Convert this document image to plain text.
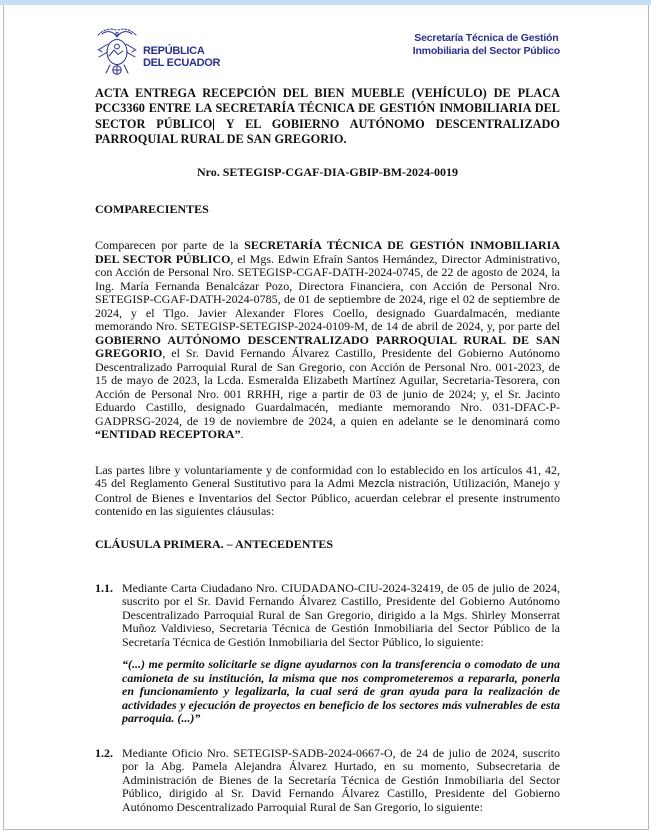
REPÚBLICA
DEL ECUADOR
Secretaría Técnica de Gestión
Inmobiliaria del Sector Público
ACTA ENTREGA RECEPCIÓN DEL BIEN MUEBLE (VEHÍCULO) DE PLACA
PCC3360 ENTRE LA SECRETARÍA TÉCNICA DE GESTIÓN INMOBILIARIA DEL
SECTOR PÚBLICO Y EL GOBIERNO AUTÓNOMO DESCENTRALIZADO
PARROQUIAL RURAL DE SAN GREGORIO.
Nro. SETEGISP-CGAF-DIA-GBIP-BM-2024-0019
COMPARECIENTES

Comparecen por parte de la SECRETARÍA TÉCNICA DE GESTIÓN INMOBILIARIA DEL SECTOR PÚBLICO, el Mgs. Edwin Efraín Santos Hernández, Director Administrativo, con Acción de Personal Nro. SETEGISP-CGAF-DATH-2024-0745, de 22 de agosto de 2024, la Ing. María Fernanda Benalcázar Pozo, Directora Financiera, con Acción de Personal Nro. SETEGISP-CGAF-DATH-2024-0785, de 01 de septiembre de 2024, rige el 02 de septiembre de 2024, y el Tlgo. Javier Alexander Flores Coello, designado Guardalmacén, mediante memorando Nro. SETEGISP-SETEGISP-2024-0109-M, de 14 de abril de 2024, y, por parte del GOBIERNO AUTÓNOMO DESCENTRALIZADO PARROQUIAL RURAL DE SAN GREGORIO, el Sr. David Fernando Álvarez Castillo, Presidente del Gobierno Autónomo Descentralizado Parroquial Rural de San Gregorio, con Acción de Personal Nro. 001-2023, de 15 de mayo de 2023, la Lcda. Esmeralda Elizabeth Martínez Aguilar, Secretaria-Tesorera, con Acción de Personal Nro. 001 RRHH, rige a partir de 03 de junio de 2024; y, el Sr. Jacinto Eduardo Castillo, designado Guardalmacén, mediante memorando Nro. 031-DFAC-P-GADPRSG-2024, de 19 de noviembre de 2024, a quien en adelante se le denominará como “ENTIDAD RECEPTORA”.

Las partes libre y voluntariamente y de conformidad con lo establecido en los artículos 41, 42, 45 del Reglamento General Sustitutivo para la Admi Mezcla nistración, Utilización, Manejo y Control de Bienes e Inventarios del Sector Público, acuerdan celebrar el presente instrumento contenido en las siguientes cláusulas:

CLÁUSULA PRIMERA. – ANTECEDENTES
1.1. Mediante Carta Ciudadano Nro. CIUDADANO-CIU-2024-32419, de 05 de julio de 2024, suscrito por el Sr. David Fernando Álvarez Castillo, Presidente del Gobierno Autónomo Descentralizado Parroquial Rural de San Gregorio, dirigido a la Mgs. Shirley Monserrat Muñoz Valdivieso, Secretaria Técnica de Gestión Inmobiliaria del Sector Público de la Secretaría Técnica de Gestión Inmobiliaria del Sector Público, lo siguiente:

“(...) me permito solicitarle se digne ayudarnos con la transferencia o comodato de una camioneta de su institución, la misma que nos comprometeremos a repararla, ponerla en funcionamiento y legalizarla, la cual será de gran ayuda para la realización de actividades y ejecución de proyectos en beneficio de los sectores más vulnerables de esta parroquia. (...)”

1.2. Mediante Oficio Nro. SETEGISP-SADB-2024-0667-O, de 24 de julio de 2024, suscrito por la Abg. Pamela Alejandra Álvarez Hurtado, en su momento, Subsecretaria de Administración de Bienes de la Secretaría Técnica de Gestión Inmobiliaria del Sector Público, dirigido al Sr. David Fernando Álvarez Castillo, Presidente del Gobierno Autónomo Descentralizado Parroquial Rural de San Gregorio, lo siguiente:
